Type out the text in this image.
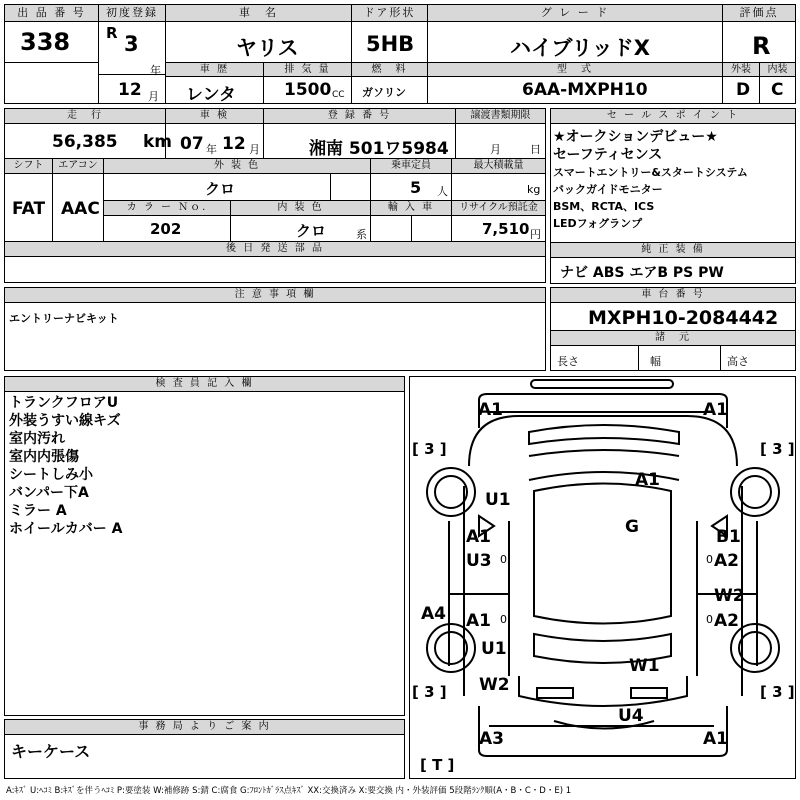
出 品 番 号
338
初度登録
R 3
年
12 月
車　名
ヤリス
ドア形状
5HB
グ レ ー ド
ハイブリッドX
評価点
R
車 歴	排 気 量	燃　料	型　式	外装	内装
レンタ	1500 CC ガソリン	6AA-MXPH10	D C
走　行	車 検	登 録 番 号	譲渡書類期限
56,385 km 07 年 12 月	湘南 501ワ5984	月	日
シフト	エアコン	外 装 色	乗車定員	最大積載量
FAT AAC
クロ	5 人	kg
カ ラ ー Ｎｏ.	内 装 色	輸 入 車	リサイクル預託金
202	クロ	系	7,510 円
後 日 発 送 部 品
セ ー ル ス ポ イ ン ト
★オークションデビュー★
セーフティセンス
スマートエントリー&スタートシステム
バックガイドモニター
BSM、RCTA、ICS
LEDフォグランプ
純 正 装 備
ナビ ABS エアB PS PW
注 意 事 項 欄
エントリーナビキット
車 台 番 号
MXPH10-2084442
諸　元
長さ	幅	高さ
検 査 員 記 入 欄
トランクフロアU
外装うすい線キズ
室内汚れ
室内内張傷
シートしみ小
バンパー下A
ミラー A
ホイールカバー A
事 務 局 よ り ご 案 内
キーケース
A1	A1
[ 3 ]	[ 3 ]
A1
U1
G
A1	B1
U3 0	0 A2
W2
A4 A1 0	0 A2
U1
W1
W2
[ 3 ]	[ 3 ]
U4
A3	A1
[ T ]
A:ｷｽﾞ U:ﾍｺﾐ B:ｷｽﾞを伴うﾍｺﾐ P:要塗装 W:補修跡 S:錆 C:腐食 G:ﾌﾛﾝﾄｶﾞﾗｽ点ｷｽﾞ XX:交換済み X:要交換 内・外装評価 5段階ﾗﾝｸ順(A・B・C・D・E) 1
